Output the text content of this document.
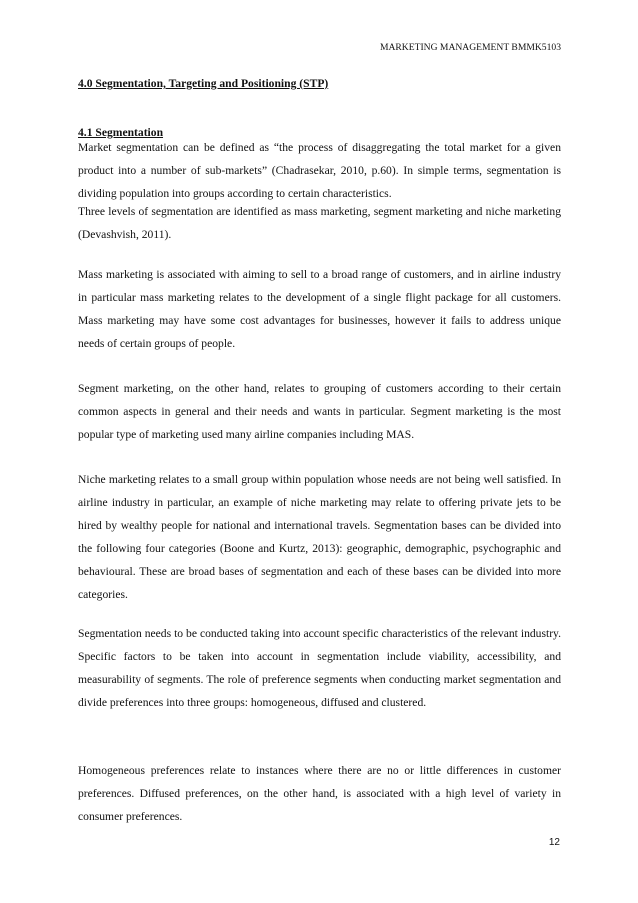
MARKETING MANAGEMENT BMMK5103
4.0 Segmentation, Targeting and Positioning (STP)
4.1 Segmentation

Market segmentation can be defined as “the process of disaggregating the total market for a given product into a number of sub-markets” (Chadrasekar, 2010, p.60). In simple terms, segmentation is dividing population into groups according to certain characteristics.

Three levels of segmentation are identified as mass marketing, segment marketing and niche marketing (Devashvish, 2011).

Mass marketing is associated with aiming to sell to a broad range of customers, and in airline industry in particular mass marketing relates to the development of a single flight package for all customers. Mass marketing may have some cost advantages for businesses, however it fails to address unique needs of certain groups of people.

Segment marketing, on the other hand, relates to grouping of customers according to their certain common aspects in general and their needs and wants in particular. Segment marketing is the most popular type of marketing used many airline companies including MAS.

Niche marketing relates to a small group within population whose needs are not being well satisfied. In airline industry in particular, an example of niche marketing may relate to offering private jets to be hired by wealthy people for national and international travels. Segmentation bases can be divided into the following four categories (Boone and Kurtz, 2013): geographic, demographic, psychographic and behavioural. These are broad bases of segmentation and each of these bases can be divided into more categories.

Segmentation needs to be conducted taking into account specific characteristics of the relevant industry. Specific factors to be taken into account in segmentation include viability, accessibility, and measurability of segments. The role of preference segments when conducting market segmentation and divide preferences into three groups: homogeneous, diffused and clustered.

Homogeneous preferences relate to instances where there are no or little differences in customer preferences. Diffused preferences, on the other hand, is associated with a high level of variety in consumer preferences.

12
